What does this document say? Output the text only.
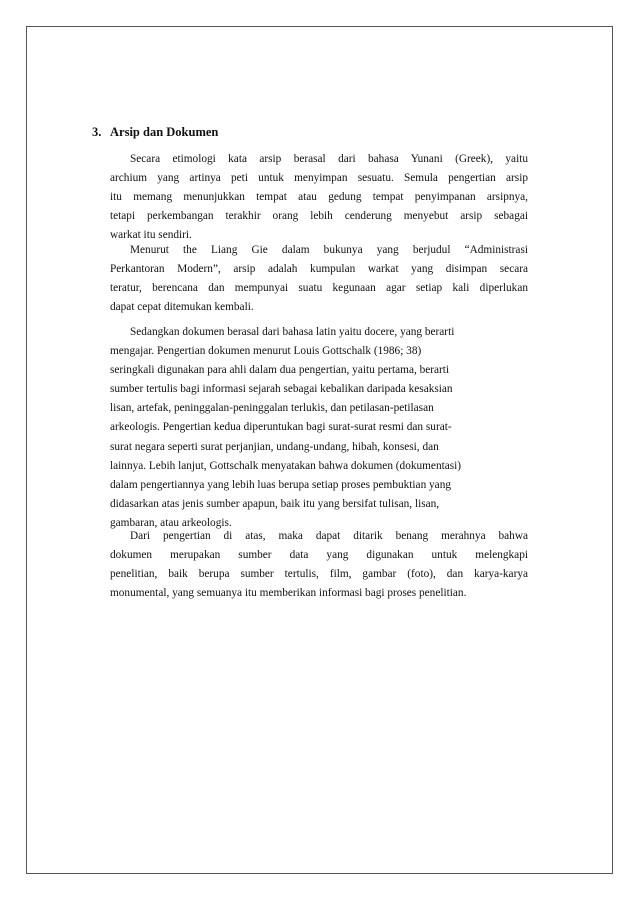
3. Arsip dan Dokumen
Secara etimologi kata arsip berasal dari bahasa Yunani (Greek), yaitu
archium yang artinya peti untuk menyimpan sesuatu. Semula pengertian arsip
itu memang menunjukkan tempat atau gedung tempat penyimpanan arsipnya,
tetapi perkembangan terakhir orang lebih cenderung menyebut arsip sebagai
warkat itu sendiri.
Menurut the Liang Gie dalam bukunya yang berjudul “Administrasi
Perkantoran Modern”, arsip adalah kumpulan warkat yang disimpan secara
teratur, berencana dan mempunyai suatu kegunaan agar setiap kali diperlukan
dapat cepat ditemukan kembali.
Sedangkan dokumen berasal dari bahasa latin yaitu docere, yang berarti
mengajar. Pengertian dokumen menurut Louis Gottschalk (1986; 38)
seringkali digunakan para ahli dalam dua pengertian, yaitu pertama, berarti
sumber tertulis bagi informasi sejarah sebagai kebalikan daripada kesaksian
lisan, artefak, peninggalan-peninggalan terlukis, dan petilasan-petilasan
arkeologis. Pengertian kedua diperuntukan bagi surat-surat resmi dan surat-
surat negara seperti surat perjanjian, undang-undang, hibah, konsesi, dan
lainnya. Lebih lanjut, Gottschalk menyatakan bahwa dokumen (dokumentasi)
dalam pengertiannya yang lebih luas berupa setiap proses pembuktian yang
didasarkan atas jenis sumber apapun, baik itu yang bersifat tulisan, lisan,
gambaran, atau arkeologis.
Dari pengertian di atas, maka dapat ditarik benang merahnya bahwa
dokumen merupakan sumber data yang digunakan untuk melengkapi
penelitian, baik berupa sumber tertulis, film, gambar (foto), dan karya-karya
monumental, yang semuanya itu memberikan informasi bagi proses penelitian.
